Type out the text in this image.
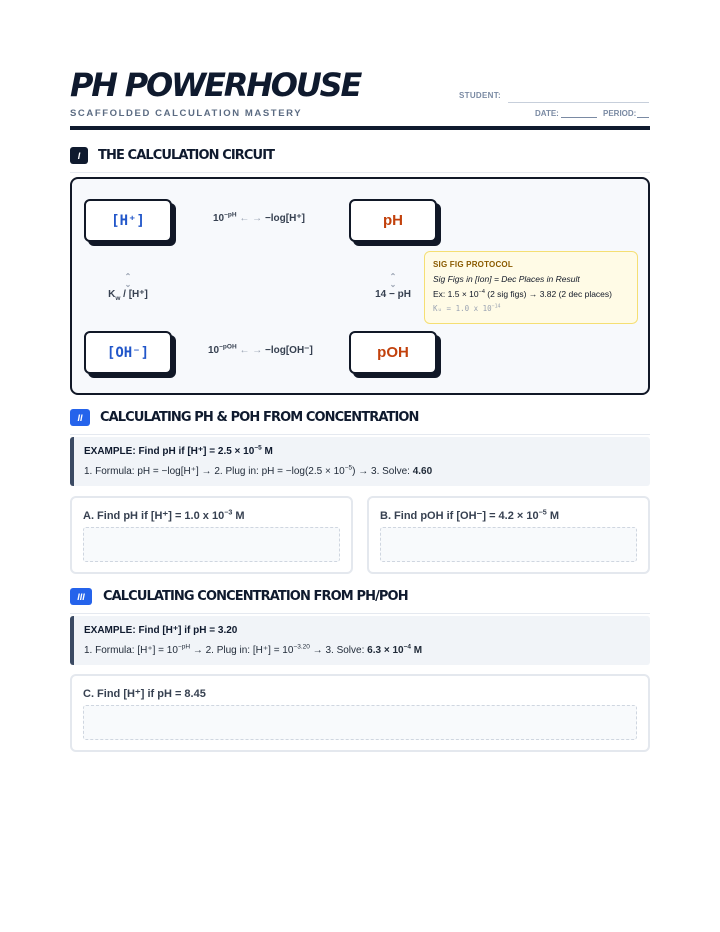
PH POWERHOUSE
SCAFFOLDED CALCULATION MASTERY
STUDENT:
DATE:	PERIOD:
I	THE CALCULATION CIRCUIT
[H⁺]	pH
[OH⁻]	pOH
$10^{-pH}$ ← → −log[H⁺]
$10^{-pOH}$ ← → −log[OH⁻]
⌃
⌄
$K_w / [H^+]$
⌃
⌄
14 − pH
SIG FIG PROTOCOL
Sig Figs in [Ion] = Dec Places in Result
Ex: $1.5 \times 10^{-4}$ (2 sig figs) → 3.82 (2 dec places)
Kᵤ = 1.0 x $10^{-14}$
II	CALCULATING PH & POH FROM CONCENTRATION
EXAMPLE: Find pH if $[H^+] = 2.5 \times 10^{-5}$ M
1. Formula: pH = −log[H⁺] → 2. Plug in: pH = $-\log(2.5 \times 10^{-5}) \to 3$. Solve: 4.60
A. Find pH if [H⁺] = 1.0 x $10^{-3}$ M	B. Find pOH if $[OH^-] = 4.2 \times 10^{-5}$ M
III	CALCULATING CONCENTRATION FROM PH/POH
EXAMPLE: Find [H⁺] if pH = 3.20
1. Formula: $[H^+] = 10^{-pH} \to 2$. Plug in: $[H^+] = 10^{-3.20} \to 3$. Solve: $6.3 \times 10^{-4}$ M
C. Find [H⁺] if pH = 8.45
